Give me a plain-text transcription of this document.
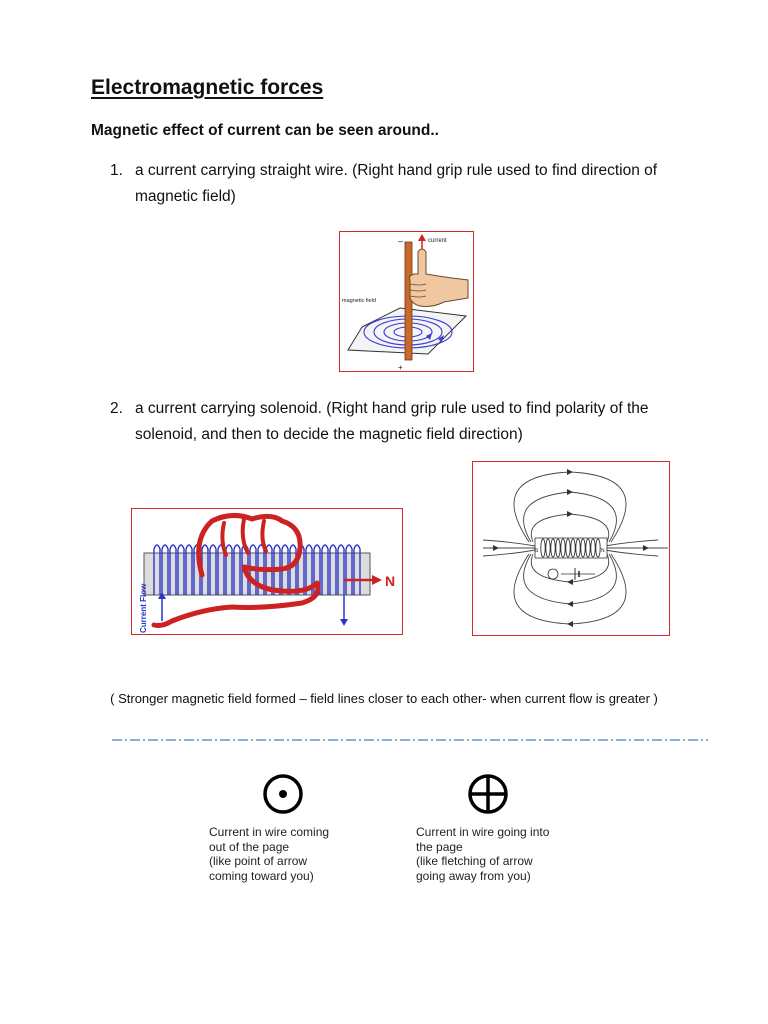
Electromagnetic forces
Magnetic effect of current can be seen around..
1. a current carrying straight wire. (Right hand grip rule used to find direction of magnetic field)
current
magnetic field
–
+
2. a current carrying solenoid. (Right hand grip rule used to find polarity of the solenoid, and then to decide the magnetic field direction)
N
Current Flow
S	N
( Stronger magnetic field formed – field lines closer to each other- when current flow is greater )
Current in wire coming
out of the page
(like point of arrow
coming toward you)
Current in wire going into
the page
(like fletching of arrow
going away from you)
